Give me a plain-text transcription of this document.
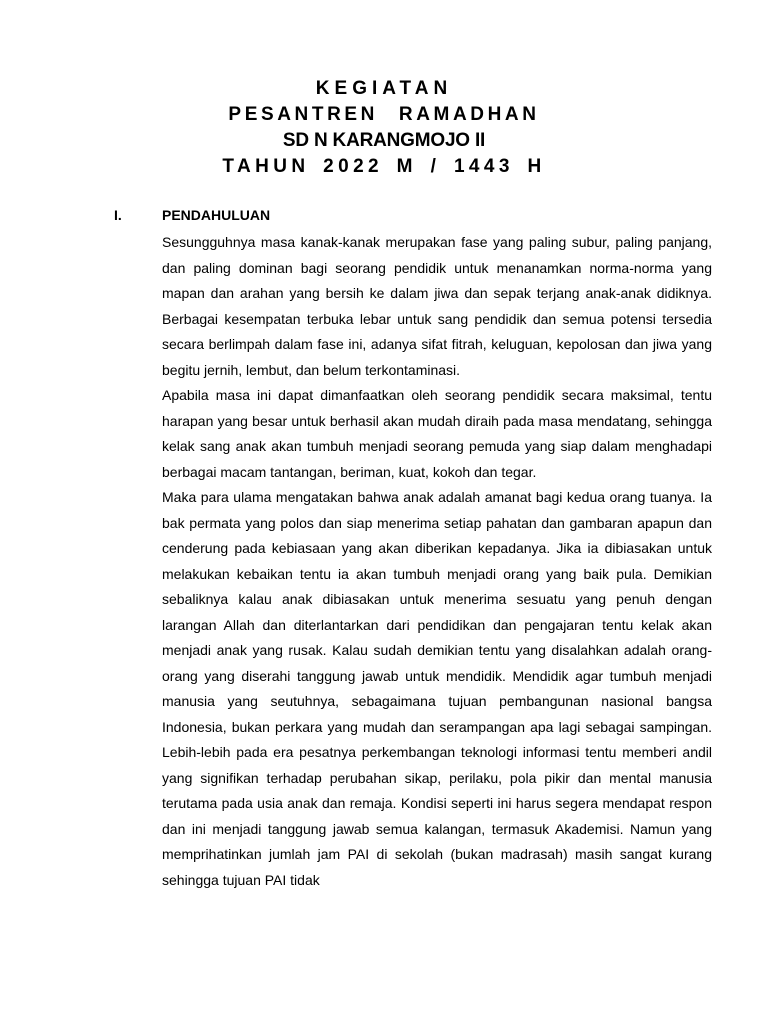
KEGIATAN
PESANTREN RAMADHAN
SD N KARANGMOJO II
TAHUN 2022 M / 1443 H
I.	PENDAHULUAN

Sesungguhnya masa kanak-kanak merupakan fase yang paling subur, paling panjang, dan paling dominan bagi seorang pendidik untuk menanamkan norma-norma yang mapan dan arahan yang bersih ke dalam jiwa dan sepak terjang anak-anak didiknya. Berbagai kesempatan terbuka lebar untuk sang pendidik dan semua potensi tersedia secara berlimpah dalam fase ini, adanya sifat fitrah, keluguan, kepolosan dan jiwa yang begitu jernih, lembut, dan belum terkontaminasi.

Apabila masa ini dapat dimanfaatkan oleh seorang pendidik secara maksimal, tentu harapan yang besar untuk berhasil akan mudah diraih pada masa mendatang, sehingga kelak sang anak akan tumbuh menjadi seorang pemuda yang siap dalam menghadapi berbagai macam tantangan, beriman, kuat, kokoh dan tegar.

Maka para ulama mengatakan bahwa anak adalah amanat bagi kedua orang tuanya. Ia bak permata yang polos dan siap menerima setiap pahatan dan gambaran apapun dan cenderung pada kebiasaan yang akan diberikan kepadanya. Jika ia dibiasakan untuk melakukan kebaikan tentu ia akan tumbuh menjadi orang yang baik pula. Demikian sebaliknya kalau anak dibiasakan untuk menerima sesuatu yang penuh dengan larangan Allah dan diterlantarkan dari pendidikan dan pengajaran tentu kelak akan menjadi anak yang rusak. Kalau sudah demikian tentu yang disalahkan adalah orang-orang yang diserahi tanggung jawab untuk mendidik. Mendidik agar tumbuh menjadi manusia yang seutuhnya, sebagaimana tujuan pembangunan nasional bangsa Indonesia, bukan perkara yang mudah dan serampangan apa lagi sebagai sampingan. Lebih-lebih pada era pesatnya perkembangan teknologi informasi tentu memberi andil yang signifikan terhadap perubahan sikap, perilaku, pola pikir dan mental manusia terutama pada usia anak dan remaja. Kondisi seperti ini harus segera mendapat respon dan ini menjadi tanggung jawab semua kalangan, termasuk Akademisi. Namun yang memprihatinkan jumlah jam PAI di sekolah (bukan madrasah) masih sangat kurang sehingga tujuan PAI tidak
